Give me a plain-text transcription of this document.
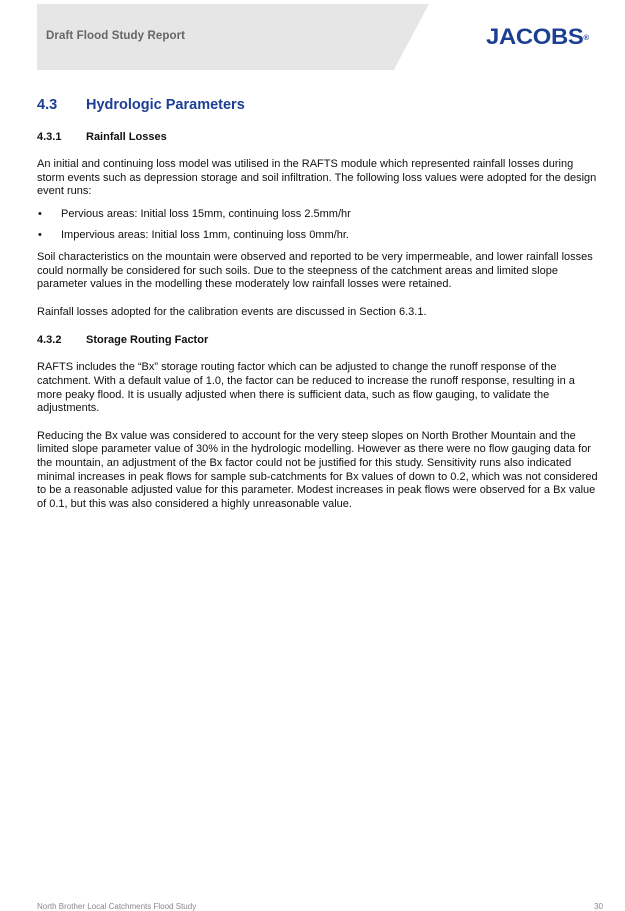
Draft Flood Study Report	JACOBS®
4.3 Hydrologic Parameters
4.3.1 Rainfall Losses

An initial and continuing loss model was utilised in the RAFTS module which represented rainfall losses during storm events such as depression storage and soil infiltration. The following loss values were adopted for the design event runs:

• Pervious areas: Initial loss 15mm, continuing loss 2.5mm/hr
• Impervious areas: Initial loss 1mm, continuing loss 0mm/hr.

Soil characteristics on the mountain were observed and reported to be very impermeable, and lower rainfall losses could normally be considered for such soils. Due to the steepness of the catchment areas and limited slope parameter values in the modelling these moderately low rainfall losses were retained.

Rainfall losses adopted for the calibration events are discussed in Section 6.3.1.

4.3.2 Storage Routing Factor

RAFTS includes the “Bx” storage routing factor which can be adjusted to change the runoff response of the catchment. With a default value of 1.0, the factor can be reduced to increase the runoff response, resulting in a more peaky flood. It is usually adjusted when there is sufficient data, such as flow gauging, to validate the adjustments.

Reducing the Bx value was considered to account for the very steep slopes on North Brother Mountain and the limited slope parameter value of 30% in the hydrologic modelling. However as there were no flow gauging data for the mountain, an adjustment of the Bx factor could not be justified for this study. Sensitivity runs also indicated minimal increases in peak flows for sample sub-catchments for Bx values of down to 0.2, which was not considered to be a reasonable adjusted value for this parameter. Modest increases in peak flows were observed for a Bx value of 0.1, but this was also considered a highly unreasonable value.

North Brother Local Catchments Flood Study	30
